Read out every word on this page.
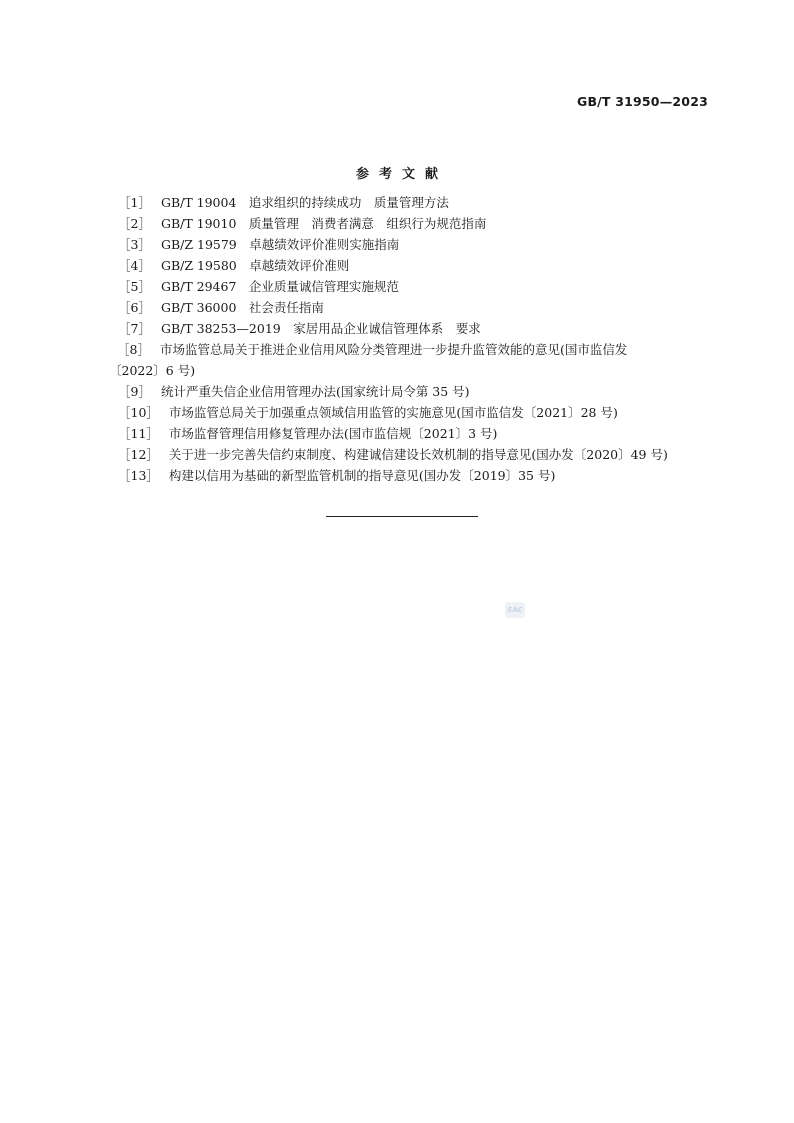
GB/T 31950—2023
参考文献
［1］ GB/T 19004　追求组织的持续成功　质量管理方法
［2］ GB/T 19010　质量管理　消费者满意　组织行为规范指南
［3］ GB/Z 19579　卓越绩效评价准则实施指南
［4］ GB/Z 19580　卓越绩效评价准则
［5］ GB/T 29467　企业质量诚信管理实施规范
［6］ GB/T 36000　社会责任指南
［7］ GB/T 38253—2019　家居用品企业诚信管理体系　要求
［8］ 市场监管总局关于推进企业信用风险分类管理进一步提升监管效能的意见(国市监信发
〔2022〕6 号)
［9］ 统计严重失信企业信用管理办法(国家统计局令第 35 号)
［10］ 市场监管总局关于加强重点领域信用监管的实施意见(国市监信发〔2021〕28 号)
［11］ 市场监督管理信用修复管理办法(国市监信规〔2021〕3 号)
［12］ 关于进一步完善失信约束制度、构建诚信建设长效机制的指导意见(国办发〔2020〕49 号)
［13］ 构建以信用为基础的新型监管机制的指导意见(国办发〔2019〕35 号)
SAC
